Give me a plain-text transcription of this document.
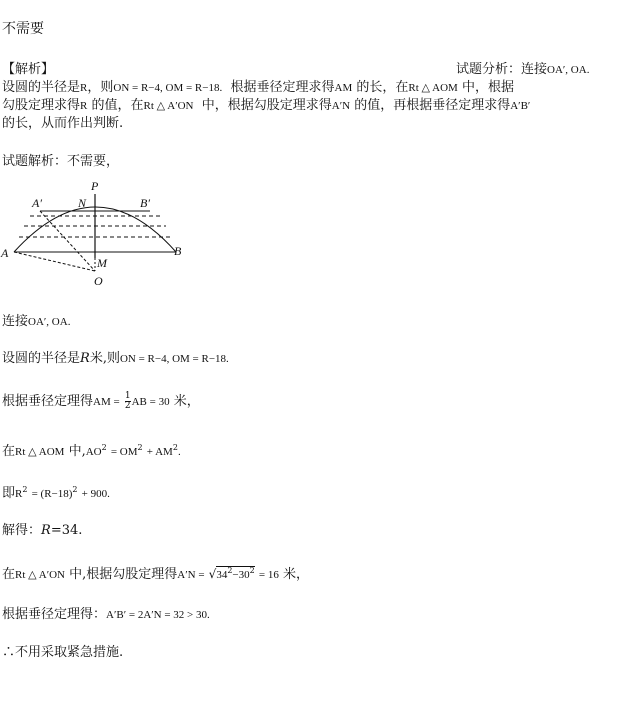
不需要
【解析】	试题分析：连接OA′, OA.
设圆的半径是R，则ON = R−4, OM = R−18. 根据垂径定理求得AM 的长，在Rt △ AOM 中，根据
勾股定理求得R 的值，在Rt △ A′ON 中，根据勾股定理求得A′N 的值，再根据垂径定理求得A′B′
的长，从而作出判断.
试题解析：不需要，
P
A′	N	B′
A	B
M
O
连接OA′, OA.
设圆的半径是R米,则ON = R−4, OM = R−18.
根据垂径定理得AM = $\frac{1}{2}$ AB = 30 米，
在Rt △ AOM 中$,AO^2 = OM^2 + AM^2$.
即$R^2 = (R-18)^2 + 900$.
解得：R=34.
在Rt △ A′ON 中,根据勾股定理得$A'N = √34^2-30^2 = 16$ 米，
根据垂径定理得：A′B′ = 2A′N = 32 > 30.
∴不用采取紧急措施.
